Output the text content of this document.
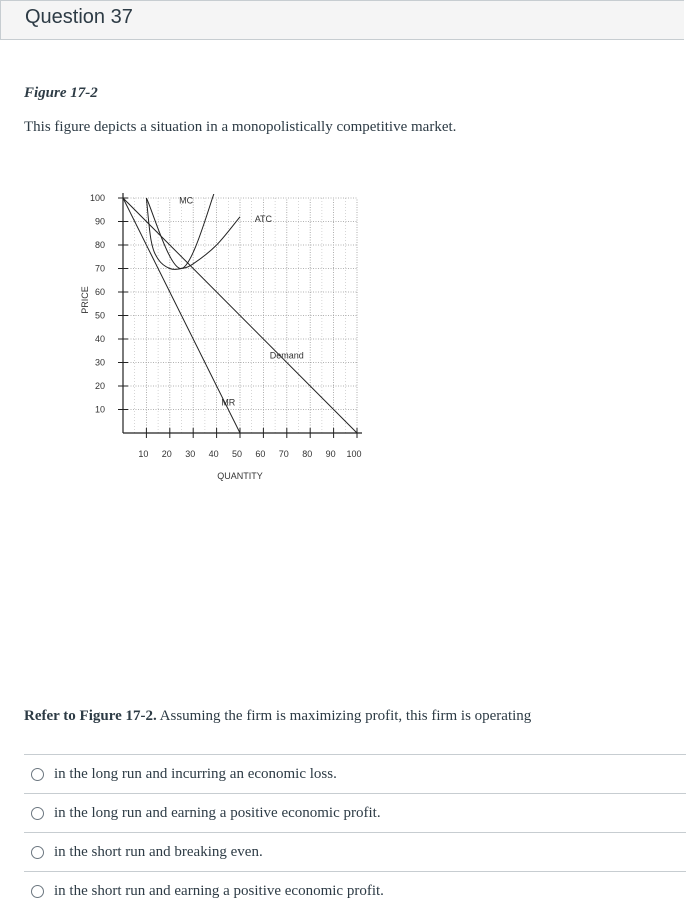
Question 37
Figure 17-2
This figure depicts a situation in a monopolistically competitive market.
100
90
80
70
60
50
40
30
20
10
10 20 30 40 50 60 70 80 90 100
QUANTITY
PRICE
MC
ATC
Demand
MR
Refer to Figure 17-2. Assuming the firm is maximizing profit, this firm is operating
in the long run and incurring an economic loss.
in the long run and earning a positive economic profit.
in the short run and breaking even.
in the short run and earning a positive economic profit.
